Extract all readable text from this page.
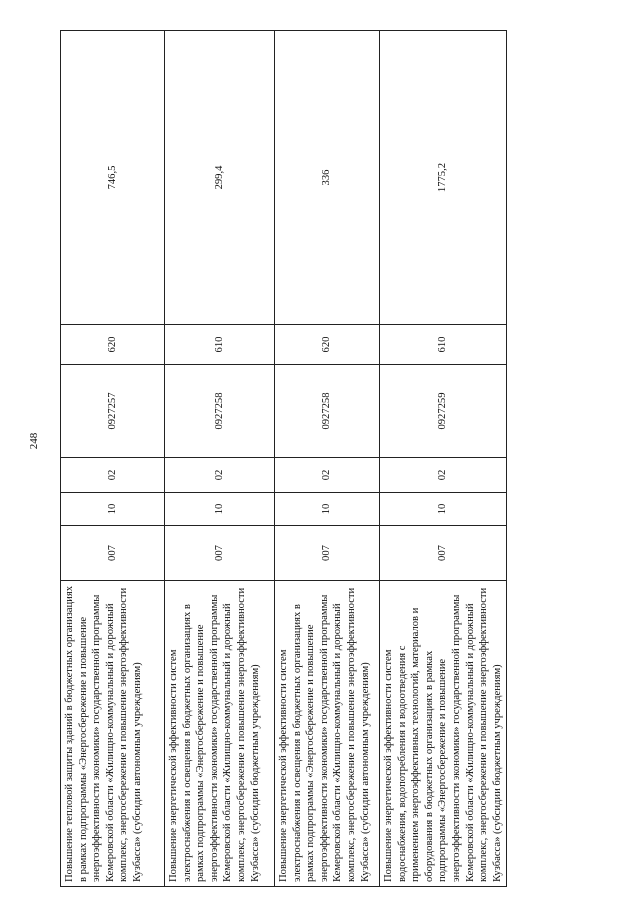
248
Повышение тепловой защиты зданий в бюджетных организациях в рамках подпрограммы «Энергосбережение и повышение энергоэффективности экономики» государственной программы Кемеровской области «Жилищно-коммунальный и дорожный комплекс, энергосбережение и повышение энергоэффективности Кузбасса» (субсидии автономным учреждениям)	007	10	02	0927257	620	746,5
Повышение энергетической эффективности систем электроснабжения и освещения в бюджетных организациях в рамках подпрограммы «Энергосбережение и повышение энергоэффективности экономики» государственной программы Кемеровской области «Жилищно-коммунальный и дорожный комплекс, энергосбережение и повышение энергоэффективности Кузбасса» (субсидии бюджетным учреждениям)	007	10	02	0927258	610	299,4
Повышение энергетической эффективности систем электроснабжения и освещения в бюджетных организациях в рамках подпрограммы «Энергосбережение и повышение энергоэффективности экономики» государственной программы Кемеровской области «Жилищно-коммунальный и дорожный комплекс, энергосбережение и повышение энергоэффективности Кузбасса» (субсидии автономным учреждениям)	007	10	02	0927258	620	336
Повышение энергетической эффективности систем водоснабжения, водопотребления и водоотведения с применением энергоэффективных технологий, материалов и оборудования в бюджетных организациях в рамках подпрограммы «Энергосбережение и повышение энергоэффективности экономики» государственной программы Кемеровской области «Жилищно-коммунальный и дорожный комплекс, энергосбережение и повышение энергоэффективности Кузбасса» (субсидии бюджетным учреждениям)	007	10	02	0927259	610	1775,2
